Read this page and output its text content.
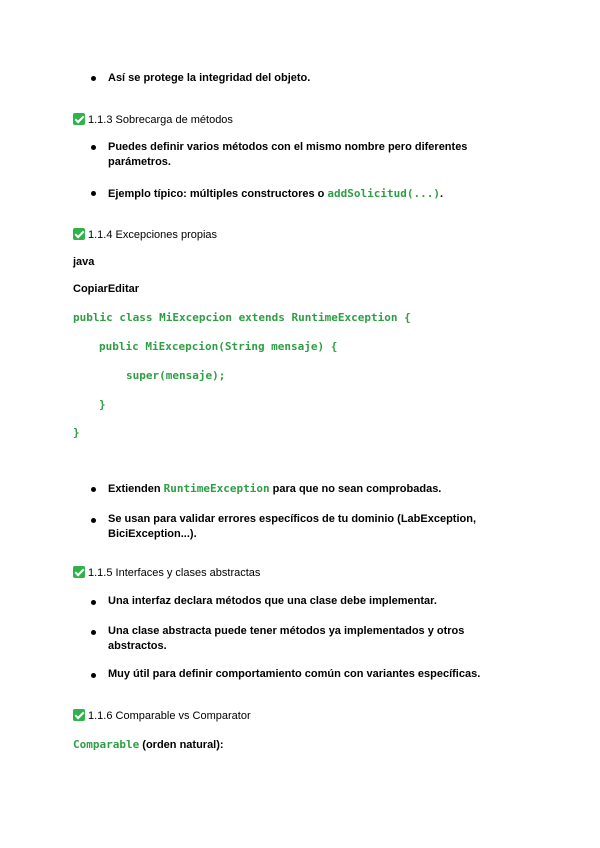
Así se protege la integridad del objeto.
1.1.3 Sobrecarga de métodos
Puedes definir varios métodos con el mismo nombre pero diferentes
parámetros.
Ejemplo típico: múltiples constructores o addSolicitud(...).
1.1.4 Excepciones propias
java
CopiarEditar
public class MiExcepcion extends RuntimeException {
public MiExcepcion(String mensaje) {
super(mensaje);
}
}
Extienden RuntimeException para que no sean comprobadas.
Se usan para validar errores específicos de tu dominio (LabException,
BiciException...).
1.1.5 Interfaces y clases abstractas
Una interfaz declara métodos que una clase debe implementar.
Una clase abstracta puede tener métodos ya implementados y otros
abstractos.
Muy útil para definir comportamiento común con variantes específicas.
1.1.6 Comparable vs Comparator
Comparable (orden natural):
